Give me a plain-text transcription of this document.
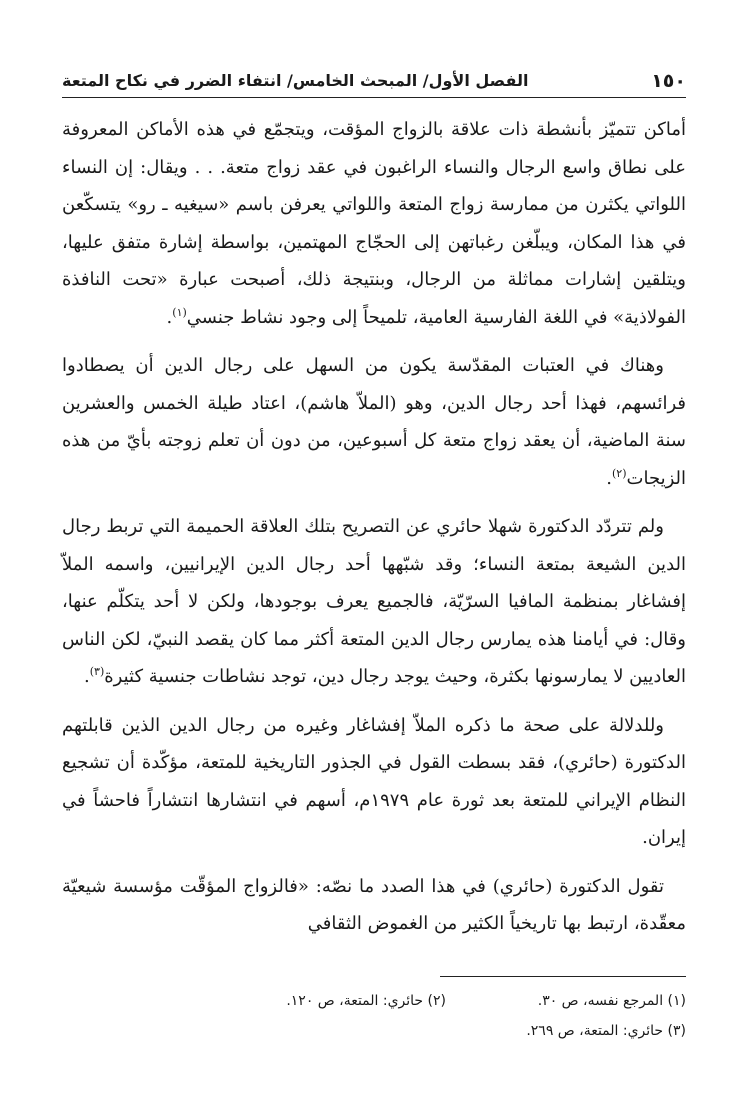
١٥٠
الفصل الأول/ المبحث الخامس/ انتفاء الضرر في نكاح المتعة

أماكن تتميّز بأنشطة ذات علاقة بالزواج المؤقت، ويتجمّع في هذه الأماكن المعروفة على نطاق واسع الرجال والنساء الراغبون في عقد زواج متعة. . . ويقال: إن النساء اللواتي يكثرن من ممارسة زواج المتعة واللواتي يعرفن باسم «سيغيه ـ رو» يتسكّعن في هذا المكان، ويبلّغن رغباتهن إلى الحجّاج المهتمين، بواسطة إشارة متفق عليها، ويتلقين إشارات مماثلة من الرجال، وبنتيجة ذلك، أصبحت عبارة «تحت النافذة الفولاذية» في اللغة الفارسية العامية، تلميحاً إلى وجود نشاط جنسي$^{(١)}$.

وهناك في العتبات المقدّسة يكون من السهل على رجال الدين أن يصطادوا فرائسهم، فهذا أحد رجال الدين، وهو (الملاّ هاشم)، اعتاد طيلة الخمس والعشرين سنة الماضية، أن يعقد زواج متعة كل أسبوعين، من دون أن تعلم زوجته بأيّ من هذه الزيجات$^{(٢)}$.

ولم تتردّد الدكتورة شهلا حائري عن التصريح بتلك العلاقة الحميمة التي تربط رجال الدين الشيعة بمتعة النساء؛ وقد شبّهها أحد رجال الدين الإيرانيين، واسمه الملاّ إفشاغار بمنظمة المافيا السرّيّة، فالجميع يعرف بوجودها، ولكن لا أحد يتكلّم عنها، وقال: في أيامنا هذه يمارس رجال الدين المتعة أكثر مما كان يقصد النبيّ، لكن الناس العاديين لا يمارسونها بكثرة، وحيث يوجد رجال دين، توجد نشاطات جنسية كثيرة$^{(٣)}$.

وللدلالة على صحة ما ذكره الملاّ إفشاغار وغيره من رجال الدين الذين قابلتهم الدكتورة (حائري)، فقد بسطت القول في الجذور التاريخية للمتعة، مؤكّدة أن تشجيع النظام الإيراني للمتعة بعد ثورة عام ١٩٧٩م، أسهم في انتشارها انتشاراً فاحشاً في إيران.

تقول الدكتورة (حائري) في هذا الصدد ما نصّه: «فالزواج المؤقّت مؤسسة شيعيّة معقّدة، ارتبط بها تاريخياً الكثير من الغموض الثقافي

(١) المرجع نفسه، ص ٣٠.
(٢) حائري: المتعة، ص ١٢٠.
(٣) حائري: المتعة، ص ٢٦٩.
